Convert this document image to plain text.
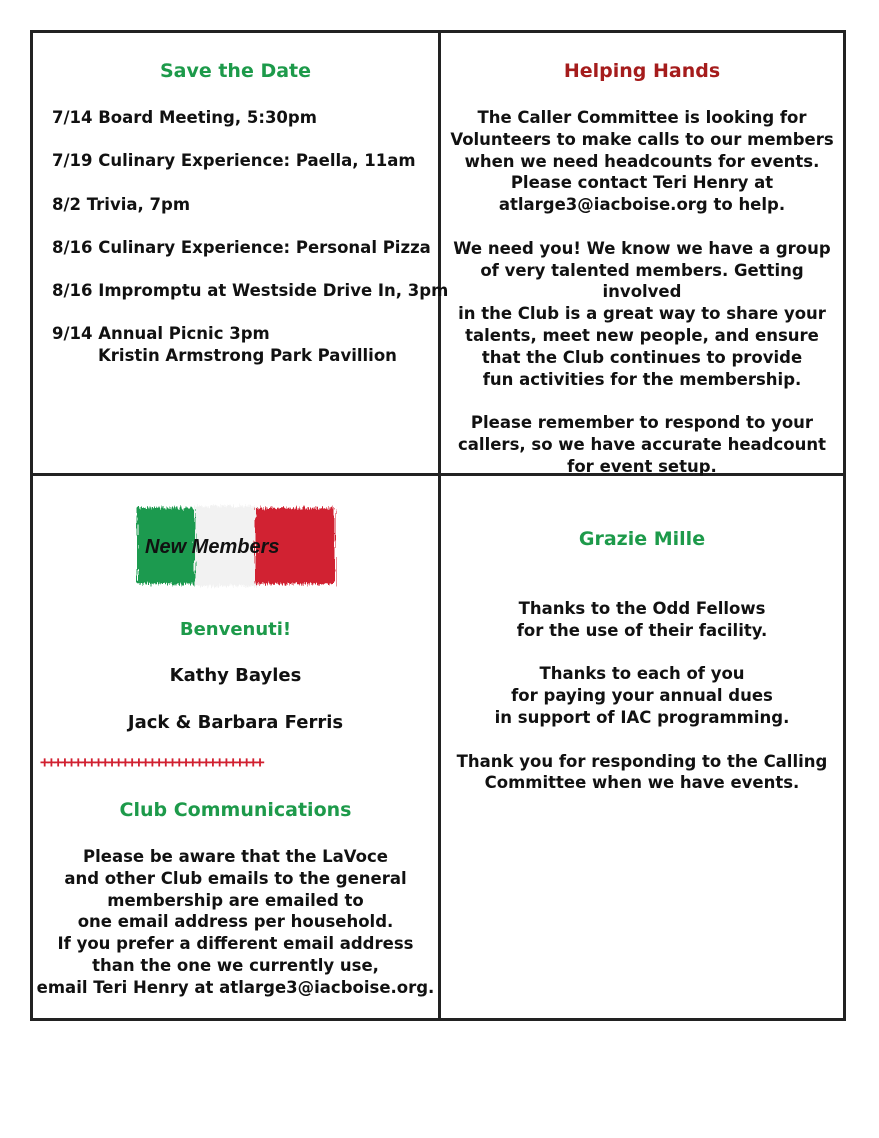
Save the Date
7/14 Board Meeting, 5:30pm
7/19 Culinary Experience: Paella, 11am
8/2 Trivia, 7pm
8/16 Culinary Experience: Personal Pizza
8/16 Impromptu at Westside Drive In, 3pm
9/14 Annual Picnic 3pm
Kristin Armstrong Park Pavillion
Helping Hands
The Caller Committee is looking for
Volunteers to make calls to our members
when we need headcounts for events.
Please contact Teri Henry at
atlarge3@iacboise.org to help.
We need you! We know we have a group
of very talented members. Getting involved
in the Club is a great way to share your
talents, meet new people, and ensure
that the Club continues to provide
fun activities for the membership.
Please remember to respond to your
callers, so we have accurate headcount
for event setup.
New Members
Benvenuti!
Kathy Bayles
Jack & Barbara Ferris
+++++++++++++++++++++++++++++++++
Club Communications
Please be aware that the LaVoce
and other Club emails to the general
membership are emailed to
one email address per household.
If you prefer a different email address
than the one we currently use,
email Teri Henry at atlarge3@iacboise.org.
Grazie Mille
Thanks to the Odd Fellows
for the use of their facility.
Thanks to each of you
for paying your annual dues
in support of IAC programming.
Thank you for responding to the Calling
Committee when we have events.
